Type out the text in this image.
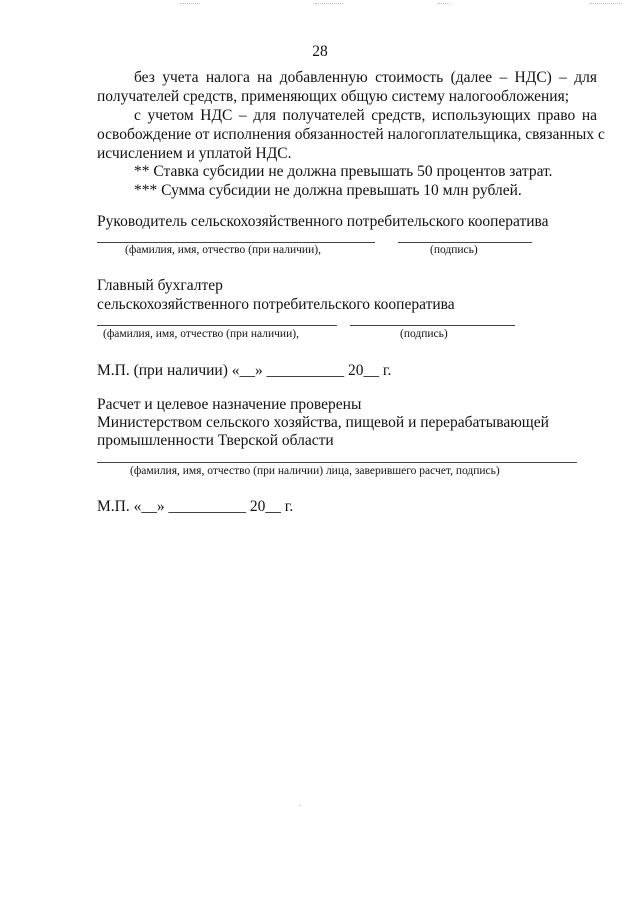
28
без учета налога на добавленную стоимость (далее – НДС) – для
получателей средств, применяющих общую систему налогообложения;
с учетом НДС – для получателей средств, использующих право на
освобождение от исполнения обязанностей налогоплательщика, связанных с
исчислением и уплатой НДС.
** Ставка субсидии не должна превышать 50 процентов затрат.
*** Сумма субсидии не должна превышать 10 млн рублей.
Руководитель сельскохозяйственного потребительского кооператива
(фамилия, имя, отчество (при наличии),	(подпись)
Главный бухгалтер
сельскохозяйственного потребительского кооператива
(фамилия, имя, отчество (при наличии),	(подпись)
М.П. (при наличии) «__» __________ 20__ г.
Расчет и целевое назначение проверены
Министерством сельского хозяйства, пищевой и перерабатывающей
промышленности Тверской области
(фамилия, имя, отчество (при наличии) лица, заверившего расчет, подпись)
М.П. «__» __________ 20__ г.
